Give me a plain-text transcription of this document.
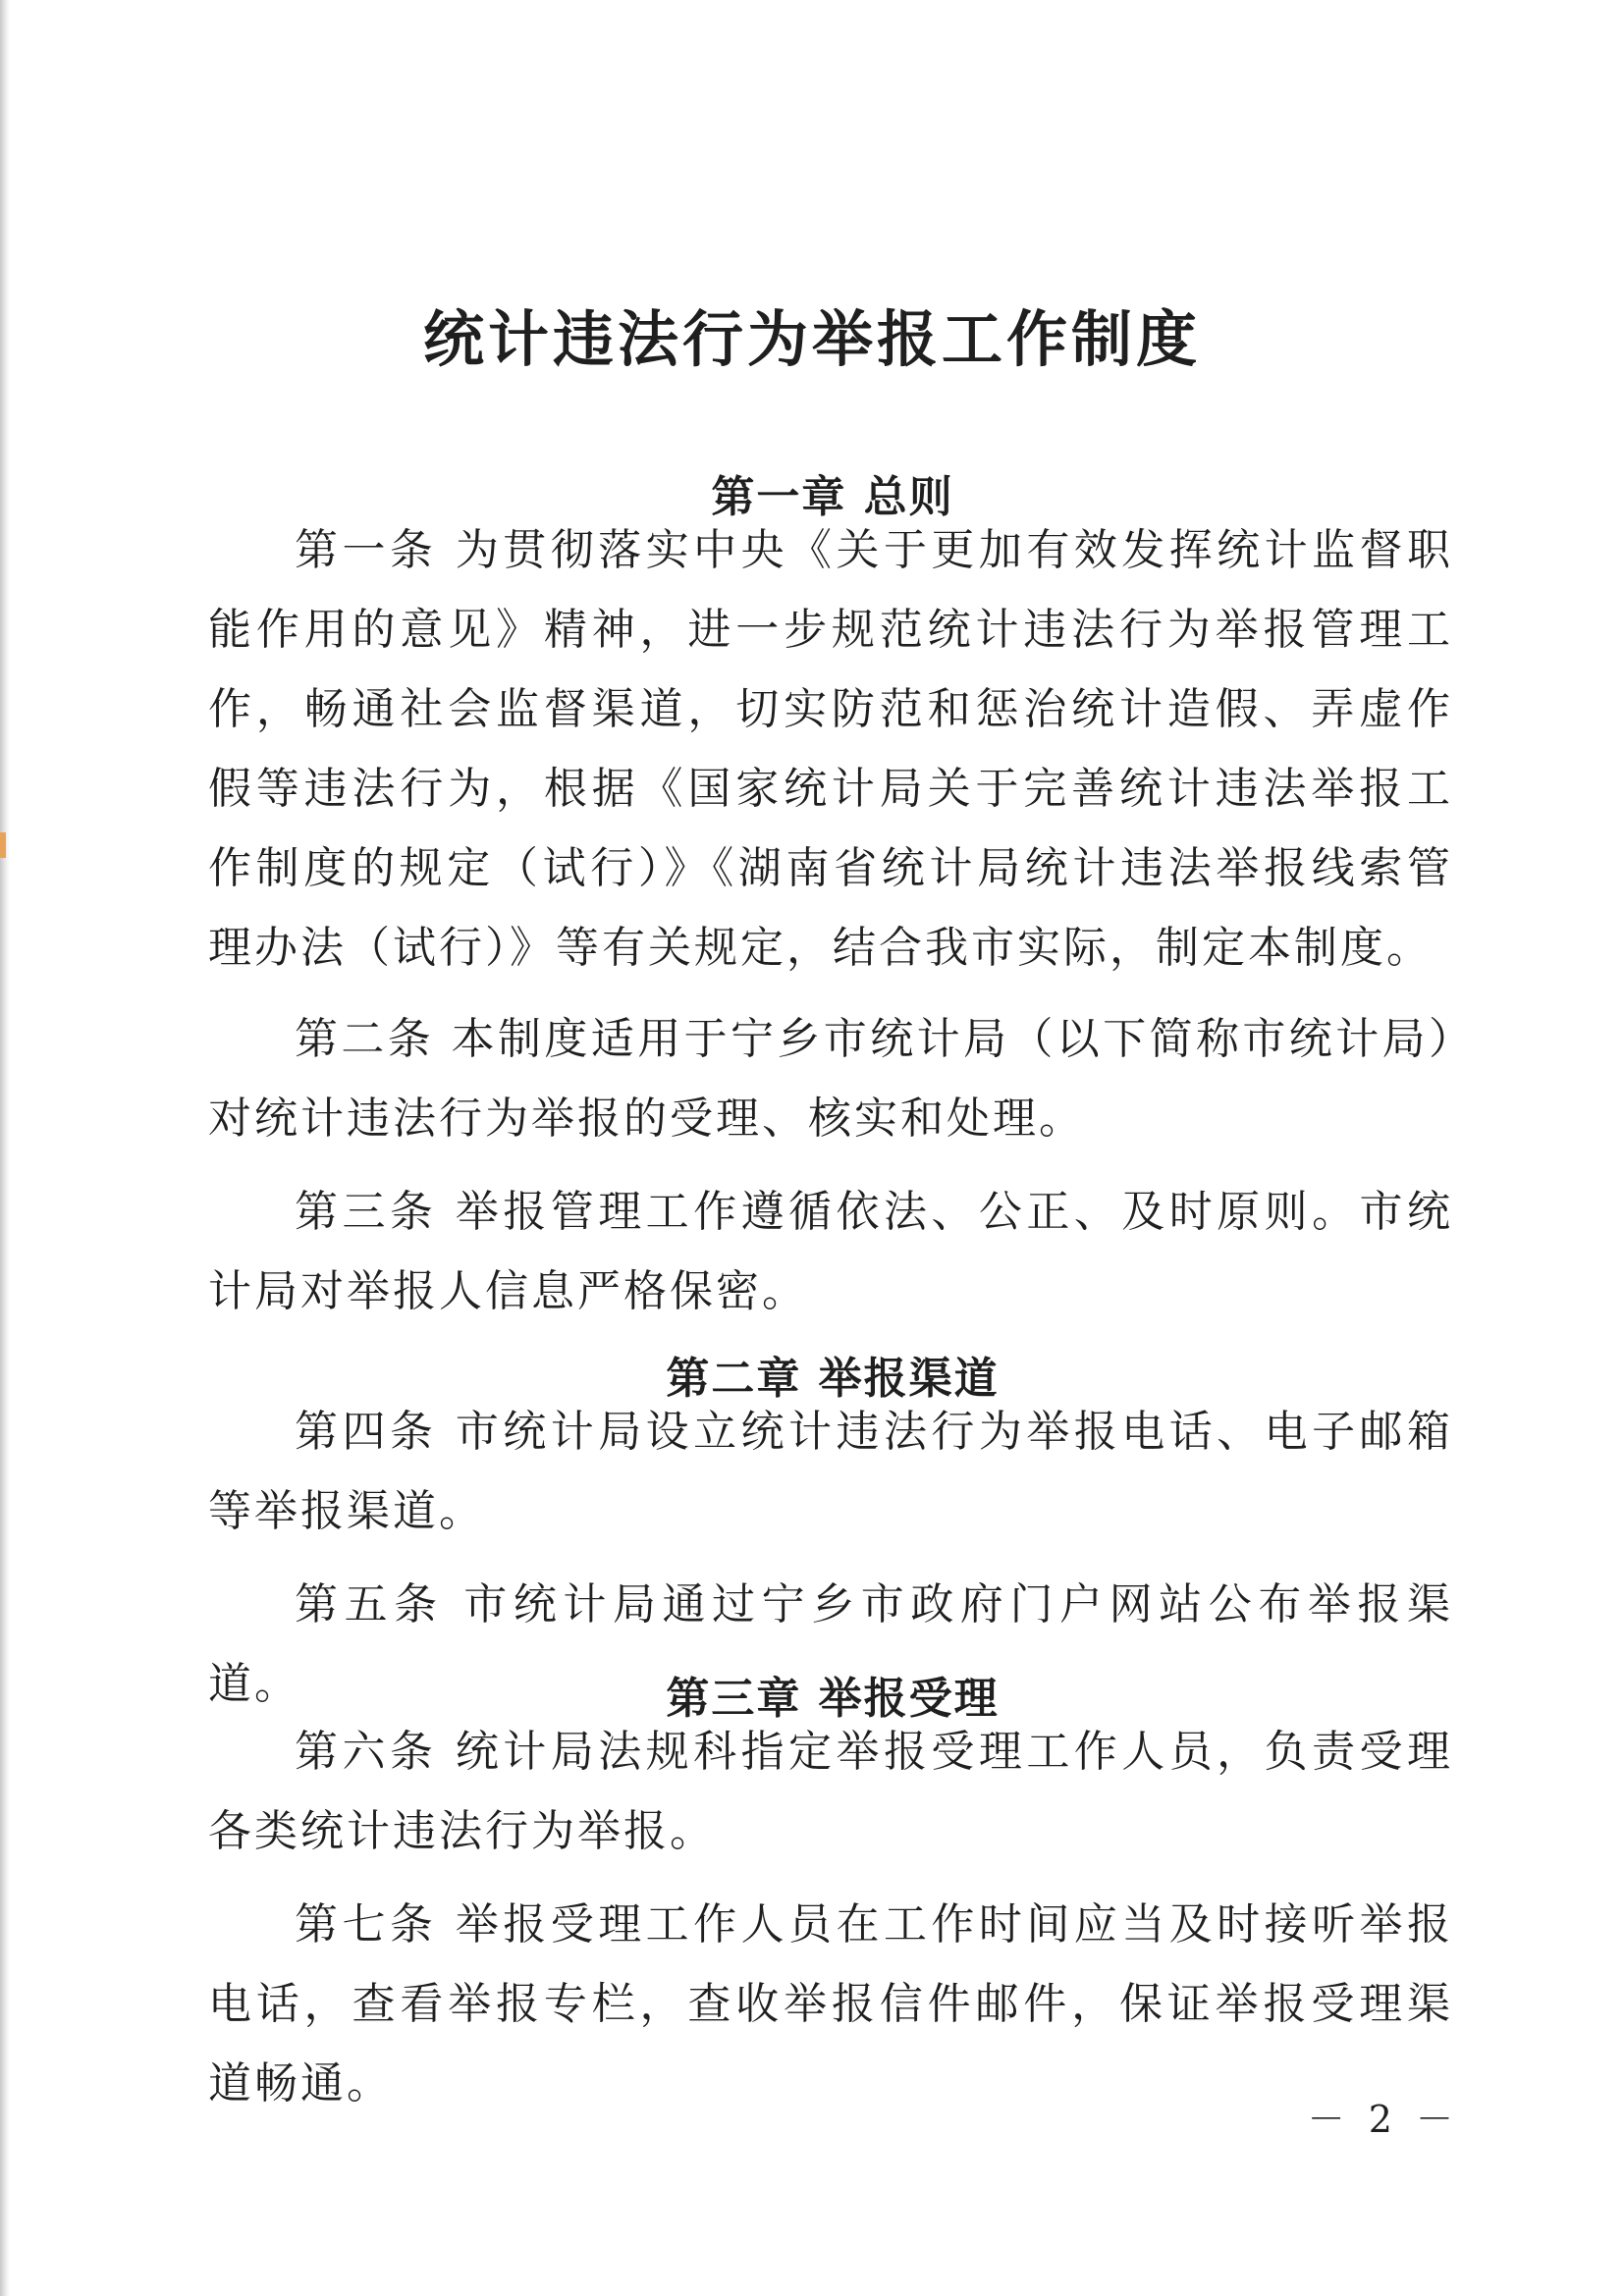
统计违法行为举报工作制度
第一章 总则

第一条 为贯彻落实中央《关于更加有效发挥统计监督职能作用的意见》精神，进一步规范统计违法行为举报管理工作，畅通社会监督渠道，切实防范和惩治统计造假、弄虚作假等违法行为，根据《国家统计局关于完善统计违法举报工作制度的规定（试行）》《湖南省统计局统计违法举报线索管理办法（试行）》等有关规定，结合我市实际，制定本制度。

第二条 本制度适用于宁乡市统计局（以下简称市统计局）对统计违法行为举报的受理、核实和处理。

第三条 举报管理工作遵循依法、公正、及时原则。市统计局对举报人信息严格保密。

第二章 举报渠道

第四条 市统计局设立统计违法行为举报电话、电子邮箱等举报渠道。

第五条 市统计局通过宁乡市政府门户网站公布举报渠道。	第三章 举报受理

第六条 统计局法规科指定举报受理工作人员，负责受理各类统计违法行为举报。

第七条 举报受理工作人员在工作时间应当及时接听举报电话，查看举报专栏，查收举报信件邮件，保证举报受理渠道畅通。

－ 2 －
